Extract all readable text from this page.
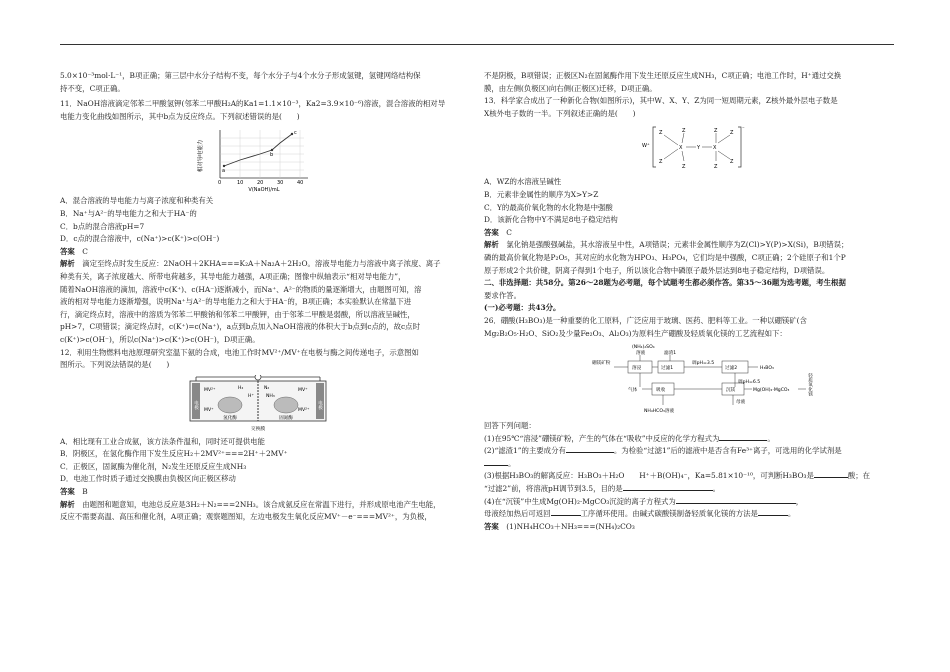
5.0×10⁻³mol·L⁻¹，B项正确；第三层中水分子结构不变，每个水分子与4个水分子形成氢键，氢键网络结构保

持不变，C项正确。

11．NaOH溶液滴定邻苯二甲酸氢钾(邻苯二甲酸H₂A的Ka1=1.1×10⁻³，Ka2=3.9×10⁻⁶)溶液，混合溶液的相对导

电能力变化曲线如图所示，其中b点为反应终点。下列叙述错误的是(　　)

相对导电能力	a
b
c
0	10	20	30	40
V(NaOH)/mL

A．混合溶液的导电能力与离子浓度和种类有关

B．Na⁺与A²⁻的导电能力之和大于HA⁻的

C．b点的混合溶液pH=7

D．c点的混合溶液中，c(Na⁺)>c(K⁺)>c(OH⁻)

答案　 C

解析　 滴定至终点时发生反应：2NaOH＋2KHA===K₂A＋Na₂A＋2H₂O。溶液导电能力与溶液中离子浓度、离子

种类有关，离子浓度越大、所带电荷越多，其导电能力越强，A项正确；图像中纵轴表示“相对导电能力”，

随着NaOH溶液的滴加，溶液中c(K⁺)、c(HA⁻)逐渐减小，而Na⁺、A²⁻的物质的量逐渐增大，由题图可知，溶

液的相对导电能力逐渐增强，说明Na⁺与A²⁻的导电能力之和大于HA⁻的，B项正确；本实验默认在常温下进

行，滴定终点时，溶液中的溶质为邻苯二甲酸钠和邻苯二甲酸钾，由于邻苯二甲酸是弱酸，所以溶液呈碱性，

pH>7，C项错误；滴定终点时，c(K⁺)=c(Na⁺)，a点到b点加入NaOH溶液的体积大于b点到c点的，故c点时

c(K⁺)>c(OH⁻)，所以c(Na⁺)>c(K⁺)>c(OH⁻)，D项正确。

12．利用生物燃料电池原理研究室温下氨的合成，电池工作时MV²⁺/MV⁺在电极与酶之间传递电子，示意图如

图所示。下列说法错误的是(　　)

电极	电极
MV²⁺
MV⁺
H₂
H⁺
N₂
NH₃
MV⁺
MV²⁺
氢化酶	固氮酶
交换膜

A．相比现有工业合成氨，该方法条件温和，同时还可提供电能

B．阴极区，在氢化酶作用下发生反应H₂＋2MV²⁺===2H⁺＋2MV⁺

C．正极区，固氮酶为催化剂，N₂发生还原反应生成NH₃

D．电池工作时质子通过交换膜由负极区向正极区移动

答案　 B

解析　 由题图和题意知，电池总反应是3H₂＋N₂===2NH₃。该合成氨反应在常温下进行，并形成原电池产生电能，

反应不需要高温、高压和催化剂，A项正确；观察题图知，左边电极发生氧化反应MV⁺－e⁻===MV²⁺，为负极，

不是阴极，B项错误；正极区N₂在固氮酶作用下发生还原反应生成NH₃，C项正确；电池工作时，H⁺通过交换

膜，由左侧(负极区)向右侧(正极区)迁移，D项正确。

13．科学家合成出了一种新化合物(如图所示)，其中W、X、Y、Z为同一短周期元素，Z核外最外层电子数是

X核外电子数的一半。下列叙述正确的是(　　)

W⁺
⁻
Z
Z
Z
Z
X	Y	X
Z
Z
Z
Z

A．WZ的水溶液呈碱性

B．元素非金属性的顺序为X>Y>Z

C．Y的最高价氧化物的水化物是中强酸

D．该新化合物中Y不满足8电子稳定结构

答案　 C

解析　 氯化钠是强酸强碱盐，其水溶液呈中性，A项错误；元素非金属性顺序为Z(Cl)>Y(P)>X(Si)，B项错误；

磷的最高价氧化物是P₂O₅，其对应的水化物为HPO₃、H₃PO₄，它们均是中强酸，C项正确；2个硅原子和1个P

原子形成2个共价键，阴离子得到1个电子，所以该化合物中磷原子最外层达到8电子稳定结构，D项错误。

二、非选择题：共58分。第26～28题为必考题，每个试题考生都必须作答。第35～36题为选考题，考生根据

要求作答。

(一)必考题：共43分。

26．硼酸(H₃BO₃)是一种重要的化工原料，广泛应用于玻璃、医药、肥料等工业。一种以硼镁矿(含

Mg₂B₂O₅·H₂O、SiO₂及少量Fe₂O₃、Al₂O₃)为原料生产硼酸及轻质氧化镁的工艺流程如下：

(NH₄)₂SO₄
溶液	滤渣1
硼镁矿粉
溶浸	过滤1
调pH=3.5
过滤2	H₃BO₃
调pH=6.5
气体	吸收	沉镁	Mg(OH)₂·MgCO₃	轻质氧化镁
母液
NH₄HCO₃溶液

回答下列问题：

(1)在95℃“溶浸”硼镁矿粉，产生的气体在“吸收”中反应的化学方程式为	。

(2)“滤渣1”的主要成分有	。为检验“过滤1”后的滤液中是否含有Fe³⁺离子，可选用的化学试剂是

。

(3)根据H₃BO₃的解离反应：H₃BO₃＋H₂O　　H⁺＋B(OH)₄⁻，Ka=5.81×10⁻¹⁰，可判断H₃BO₃是	酸；在

“过滤2”前，将溶液pH调节到3.5，目的是	。

(4)在“沉镁”中生成Mg(OH)₂·MgCO₃沉淀的离子方程式为	，

母液经加热后可返回	工序循环使用。由碱式碳酸镁制备轻质氧化镁的方法是	。

答案　 (1)NH₄HCO₃＋NH₃===(NH₄)₂CO₃
